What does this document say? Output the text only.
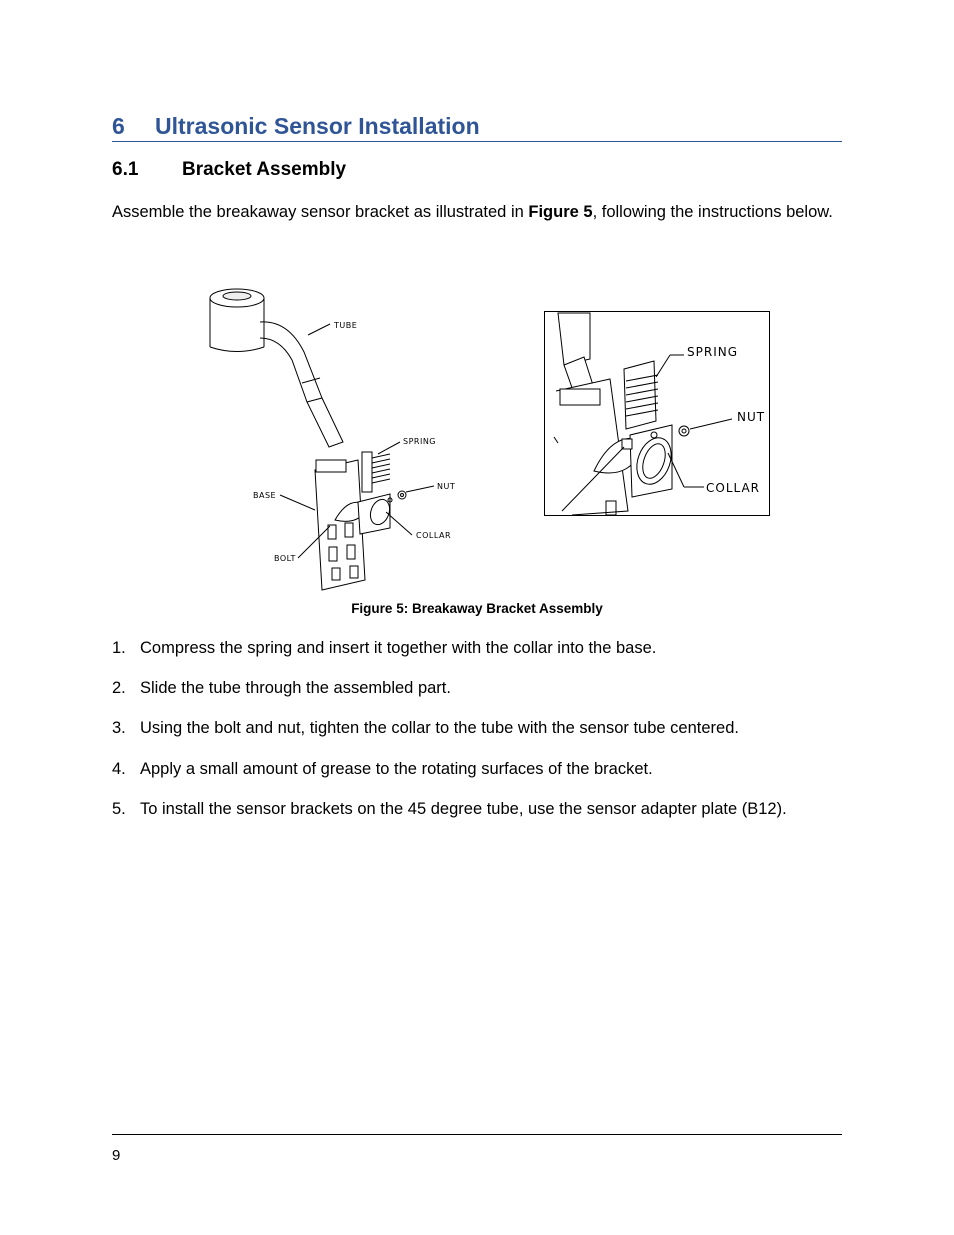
6 Ultrasonic Sensor Installation
6.1 Bracket Assembly

Assemble the breakaway sensor bracket as illustrated in Figure 5, following the instructions below.

TUBE
SPRING
NUT
BASE
COLLAR
BOLT
SPRING
NUT
COLLAR
Figure 5: Breakaway Bracket Assembly
1. Compress the spring and insert it together with the collar into the base.
2. Slide the tube through the assembled part.
3. Using the bolt and nut, tighten the collar to the tube with the sensor tube centered.
4. Apply a small amount of grease to the rotating surfaces of the bracket.
5. To install the sensor brackets on the 45 degree tube, use the sensor adapter plate (B12).
9
